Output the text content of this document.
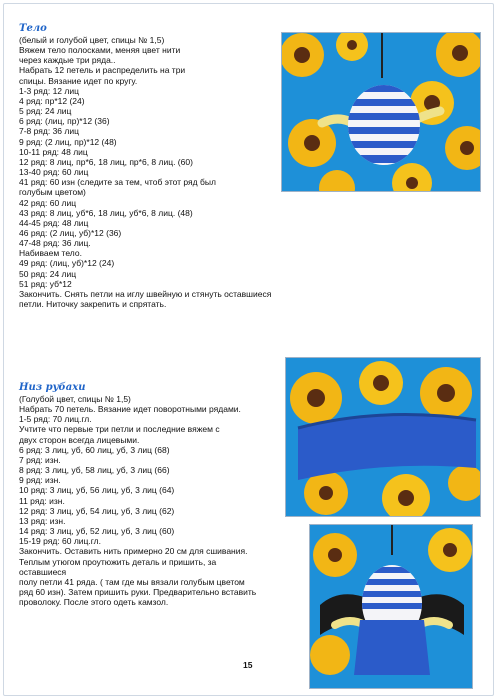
Тело
(белый и голубой цвет, спицы № 1,5)
Вяжем тело полосками, меняя цвет нити
через каждые три ряда..
Набрать 12 петель и распределить на три
спицы. Вязание идет по кругу.
1-3 ряд: 12 лиц
4 ряд: пр*12 (24)
5 ряд: 24 лиц
6 ряд: (лиц, пр)*12 (36)
7-8 ряд: 36 лиц
9 ряд: (2 лиц, пр)*12 (48)
10-11 ряд: 48 лиц
12 ряд: 8 лиц, пр*6, 18 лиц, пр*6, 8 лиц. (60)
13-40 ряд: 60 лиц
41 ряд: 60 изн (следите за тем, чтоб этот ряд был
голубым цветом)
42 ряд: 60 лиц
43 ряд: 8 лиц, уб*6, 18 лиц, уб*6, 8 лиц. (48)
44-45 ряд: 48 лиц
46 ряд: (2 лиц, уб)*12 (36)
47-48 ряд: 36 лиц.
Набиваем тело.
49 ряд: (лиц, уб)*12 (24)
50 ряд: 24 лиц
51 ряд: уб*12
Закончить. Снять петли на иглу швейную и стянуть оставшиеся
петли. Ниточку закрепить и спрятать.
Низ рубахи
(Голубой цвет, спицы № 1,5)
Набрать 70 петель. Вязание идет поворотными рядами.
1-5 ряд: 70 лиц.гл.
Учтите что первые три петли и последние вяжем с
двух сторон всегда лицевыми.
6 ряд: 3 лиц, уб, 60 лиц, уб, 3 лиц (68)
7 ряд: изн.
8 ряд: 3 лиц, уб, 58 лиц, уб, 3 лиц (66)
9 ряд: изн.
10 ряд: 3 лиц, уб, 56 лиц, уб, 3 лиц (64)
11 ряд: изн.
12 ряд: 3 лиц, уб, 54 лиц, уб, 3 лиц (62)
13 ряд: изн.
14 ряд: 3 лиц, уб, 52 лиц, уб, 3 лиц (60)
15-19 ряд: 60 лиц.гл.
Закончить. Оставить нить примерно 20 см для сшивания.
Теплым утюгом проутюжить деталь и пришить, за
оставшиеся
полу петли 41 ряда. ( там где мы вязали голубым цветом
ряд 60 изн). Затем пришить руки. Предварительно вставить
проволоку. После этого одеть камзол.
15
